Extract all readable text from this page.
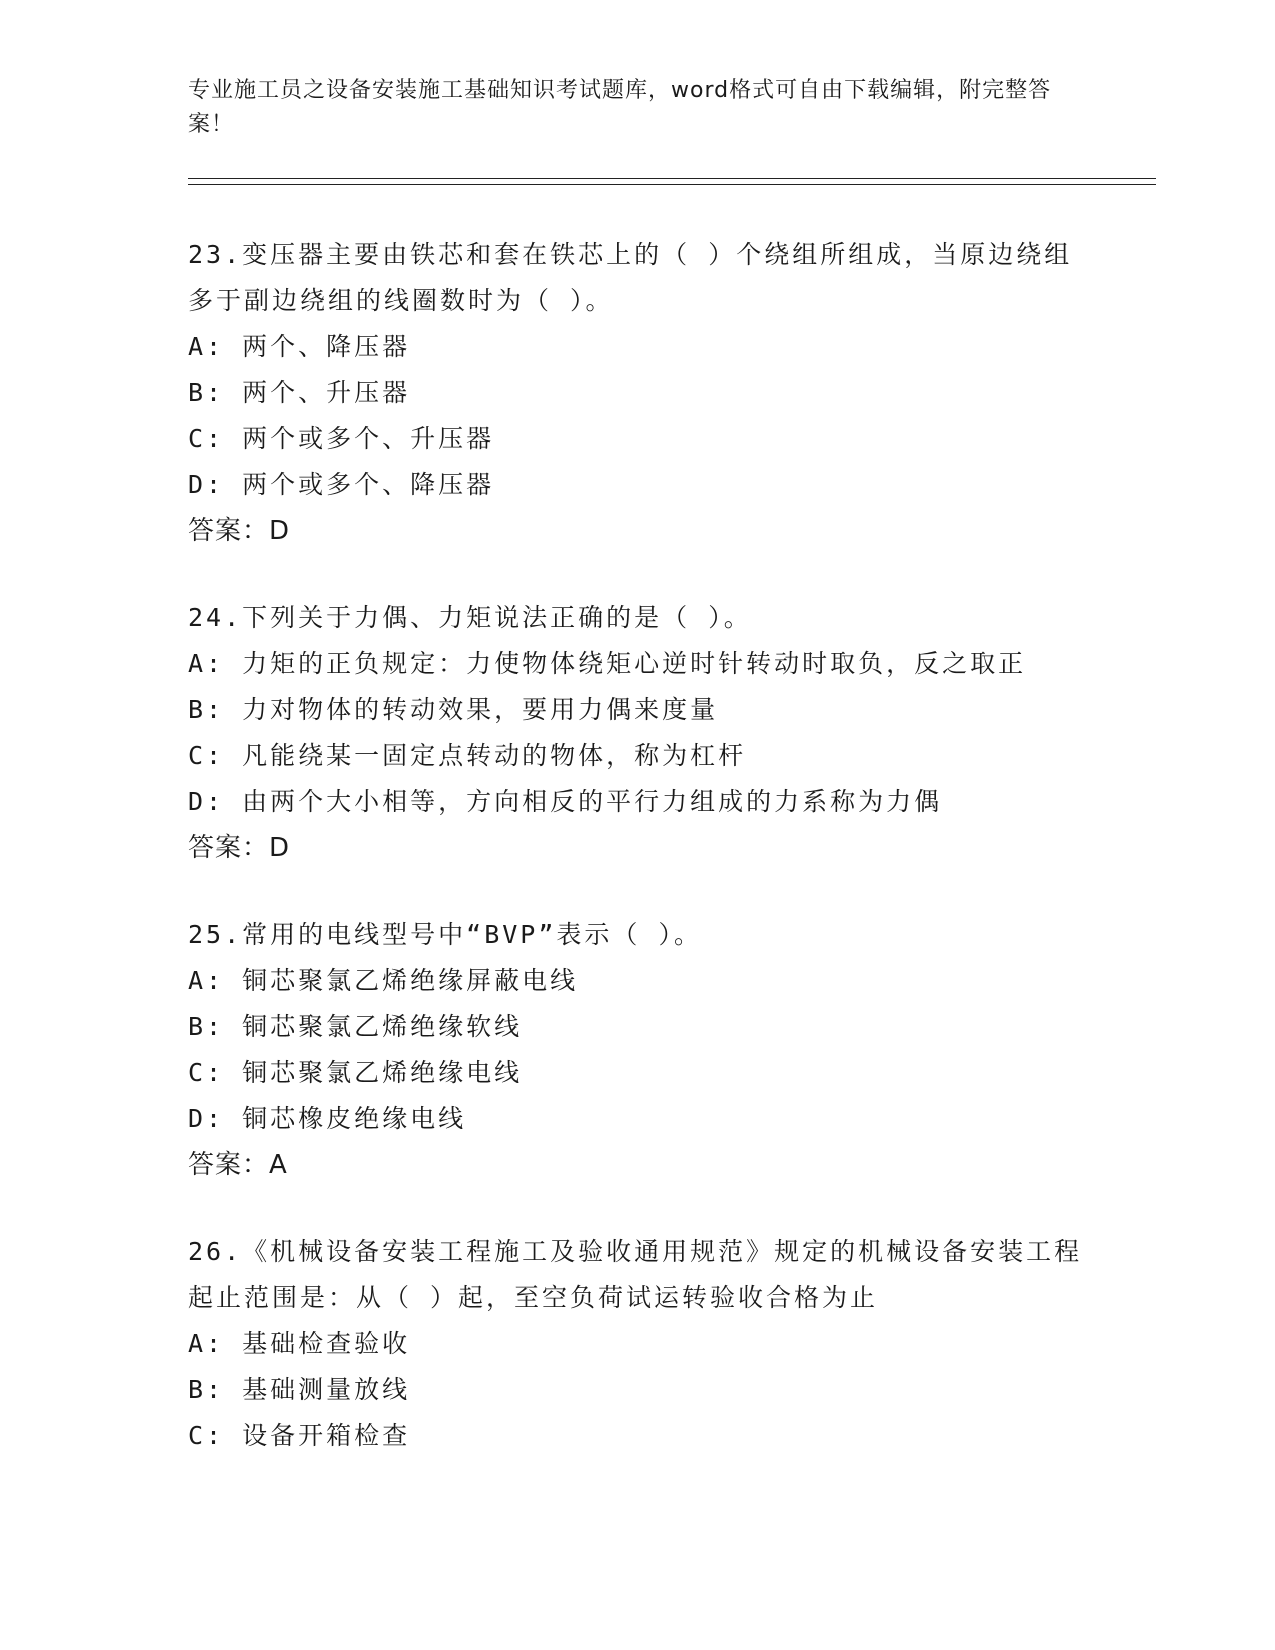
专业施工员之设备安装施工基础知识考试题库，word格式可自由下载编辑，附完整答案！
23.变压器主要由铁芯和套在铁芯上的（ ）个绕组所组成，当原边绕组多于副边绕组的线圈数时为（ ）。
A: 两个、降压器
B: 两个、升压器
C: 两个或多个、升压器
D: 两个或多个、降压器
答案：D
24.下列关于力偶、力矩说法正确的是（ ）。
A: 力矩的正负规定：力使物体绕矩心逆时针转动时取负，反之取正
B: 力对物体的转动效果，要用力偶来度量
C: 凡能绕某一固定点转动的物体，称为杠杆
D: 由两个大小相等，方向相反的平行力组成的力系称为力偶
答案：D
25.常用的电线型号中“BVP”表示（ ）。
A: 铜芯聚氯乙烯绝缘屏蔽电线
B: 铜芯聚氯乙烯绝缘软线
C: 铜芯聚氯乙烯绝缘电线
D: 铜芯橡皮绝缘电线
答案：A
26.《机械设备安装工程施工及验收通用规范》规定的机械设备安装工程起止范围是：从（ ）起，至空负荷试运转验收合格为止
A: 基础检查验收
B: 基础测量放线
C: 设备开箱检查
